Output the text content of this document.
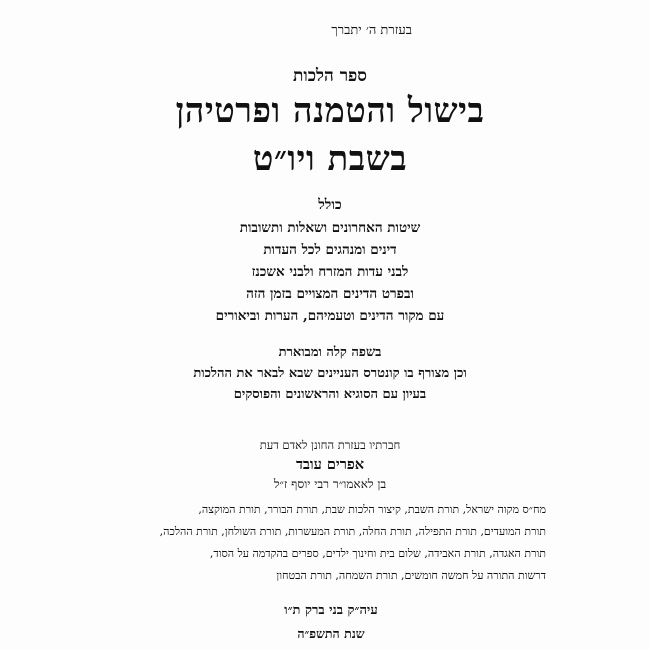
בעזרת ה׳ יתברך
ספר הלכות
בישול והטמנה ופרטיהן
בשבת ויו״ט
כולל
שיטות האחרונים ושאלות ותשובות
דינים ומנהגים לכל העדות
לבני עדות המזרח ולבני אשכנז
ובפרט הדינים המצויים בזמן הזה
עם מקור הדינים וטעמיהם, הערות וביאורים
בשפה קלה ומבוארת
וכן מצורף בו קונטרס העניינים שבא לבאר את ההלכות
בעיון עם הסוגיא והראשונים והפוסקים
חברתיו בעזרת החונן לאדם דעת
אפרים עובד
בן לאאמו״ר רבי יוסף ז״ל
מח״ס מקוה ישראל, תורת השבת, קיצור הלכות שבת, תורת הבורר, תורת המוקצה,
תורת המועדים, תורת התפילה, תורת החלה, תורת המעשרות, תורת השולחן, תורת ההלכה,
תורת האגדה, תורת האבידה, שלום בית וחינוך ילדים, ספרים בהקדמה על הסוד,
דרשות התורה על חמשה חומשים, תורת השמחה, תורת הבטחון
עיה״ק בני ברק ת״ו
שנת התשפ״ה
